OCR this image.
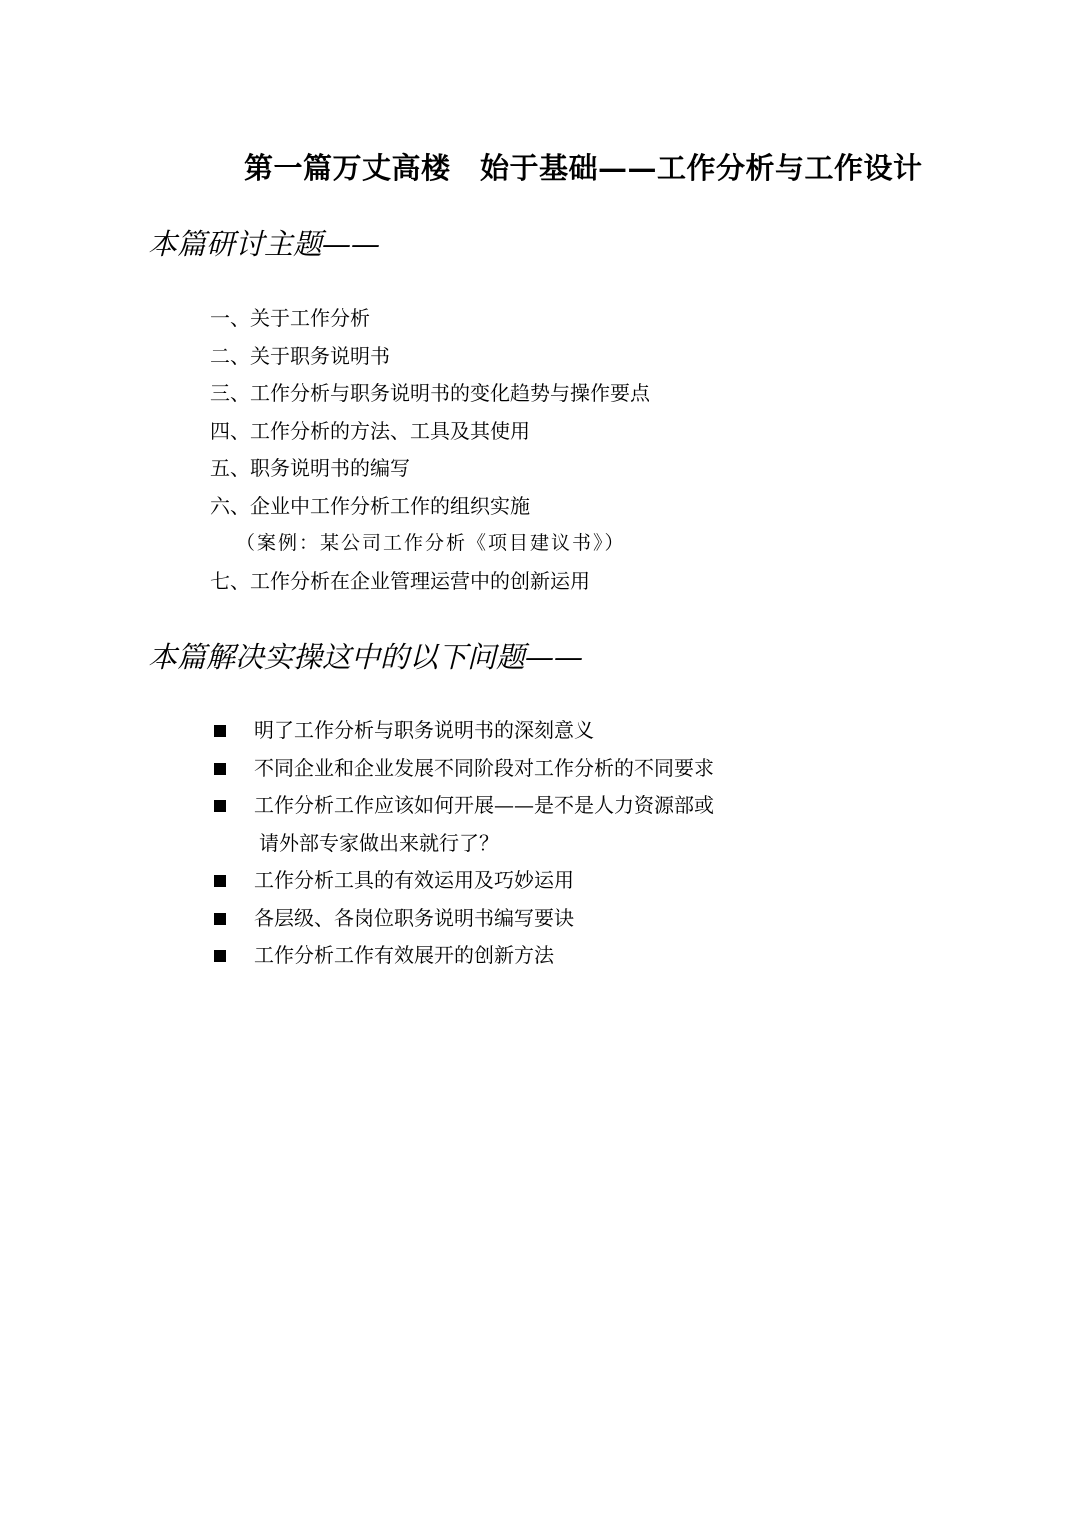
第一篇万丈高楼　始于基础——工作分析与工作设计
本篇研讨主题——
一、关于工作分析
二、关于职务说明书
三、工作分析与职务说明书的变化趋势与操作要点
四、工作分析的方法、工具及其使用
五、职务说明书的编写
六、企业中工作分析工作的组织实施
（案例：某公司工作分析《项目建议书》）
七、工作分析在企业管理运营中的创新运用
本篇解决实操这中的以下问题——
明了工作分析与职务说明书的深刻意义
不同企业和企业发展不同阶段对工作分析的不同要求
工作分析工作应该如何开展——是不是人力资源部或
请外部专家做出来就行了？
工作分析工具的有效运用及巧妙运用
各层级、各岗位职务说明书编写要诀
工作分析工作有效展开的创新方法
